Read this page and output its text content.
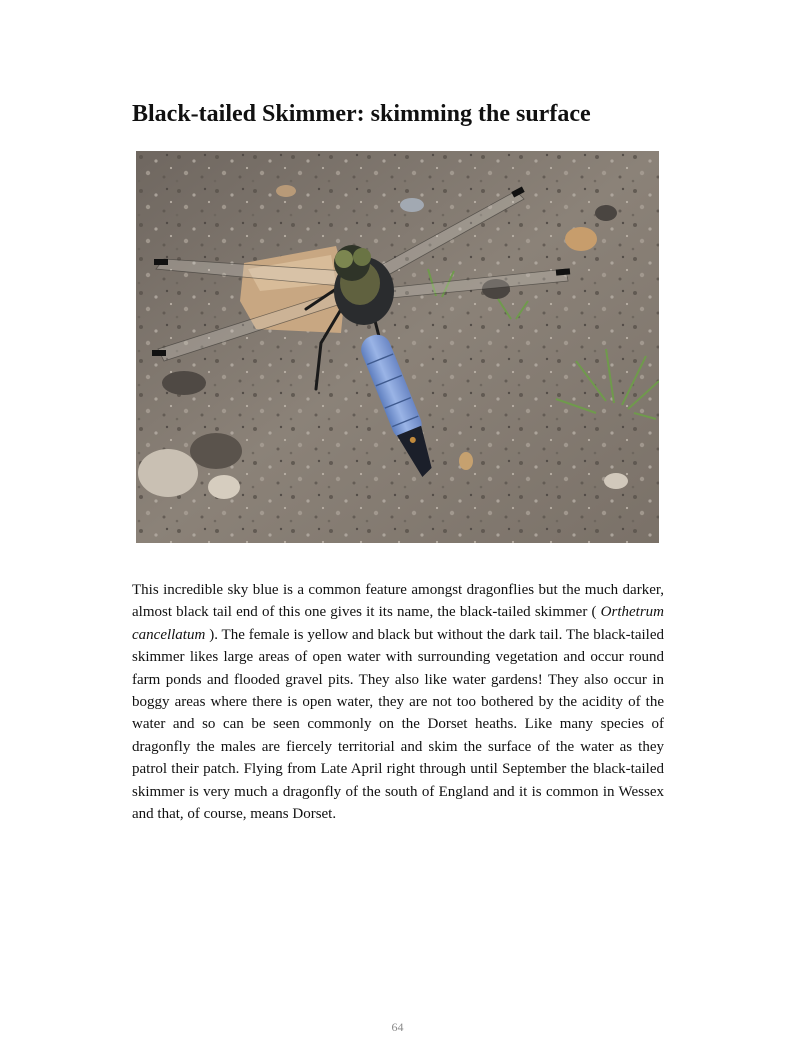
Black-tailed Skimmer: skimming the surface

This incredible sky blue is a common feature amongst dragonflies but the much darker, almost black tail end of this one gives it its name, the black-tailed skimmer ( Orthetrum cancellatum ). The female is yellow and black but without the dark tail. The black-tailed skimmer likes large areas of open water with surrounding vegetation and occur round farm ponds and flooded gravel pits. They also like water gardens! They also occur in boggy areas where there is open water, they are not too bothered by the acidity of the water and so can be seen commonly on the Dorset heaths. Like many species of dragonfly the males are fiercely territorial and skim the surface of the water as they patrol their patch. Flying from Late April right through until September the black-tailed skimmer is very much a dragonfly of the south of England and it is common in Wessex and that, of course, means Dorset.

64
